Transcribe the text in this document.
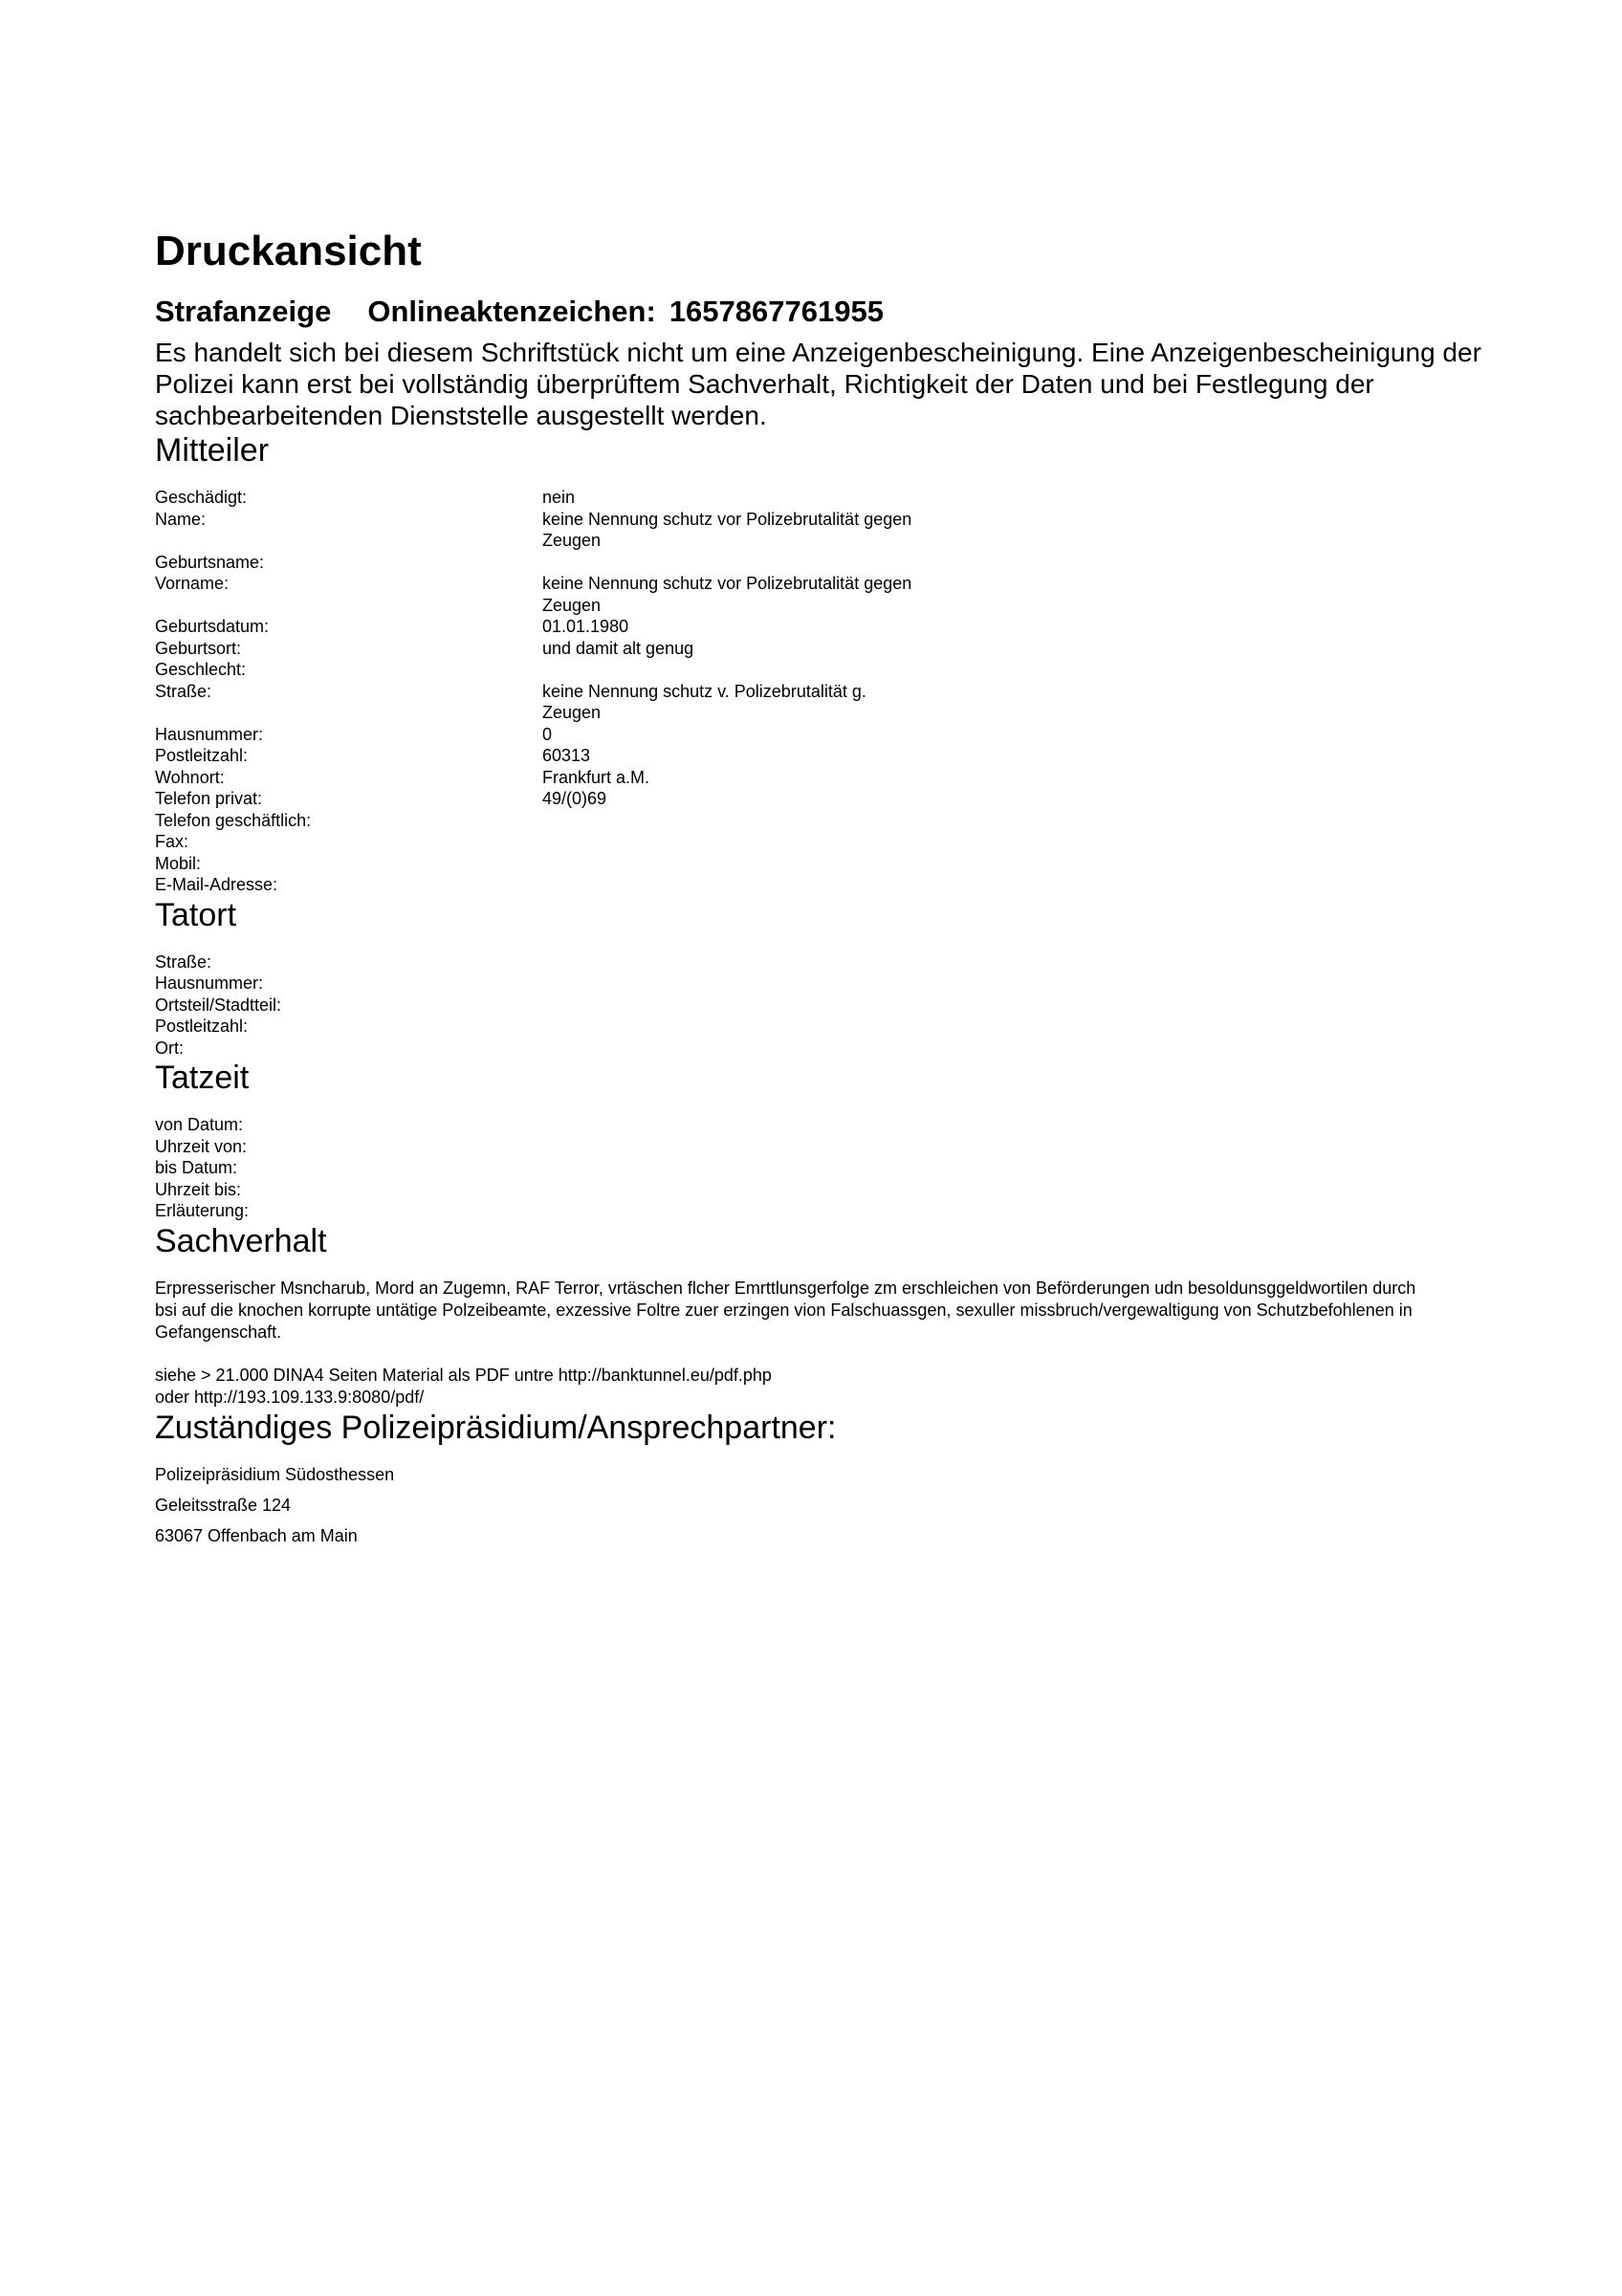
Druckansicht
Strafanzeige Onlineaktenzeichen: 1657867761955
Es handelt sich bei diesem Schriftstück nicht um eine Anzeigenbescheinigung. Eine Anzeigenbescheinigung der Polizei kann erst bei vollständig überprüftem Sachverhalt, Richtigkeit der Daten und bei Festlegung der sachbearbeitenden Dienststelle ausgestellt werden.
Mitteiler
Geschädigt:	nein
Name:	keine Nennung schutz vor Polizebrutalität gegen Zeugen
Geburtsname:
Vorname:	keine Nennung schutz vor Polizebrutalität gegen Zeugen
Geburtsdatum:	01.01.1980
Geburtsort:	und damit alt genug
Geschlecht:
Straße:	keine Nennung schutz v. Polizebrutalität g. Zeugen
Hausnummer:	0
Postleitzahl:	60313
Wohnort:	Frankfurt a.M.
Telefon privat:	49/(0)69
Telefon geschäftlich:
Fax:
Mobil:
E-Mail-Adresse:
Tatort
Straße:
Hausnummer:
Ortsteil/Stadtteil:
Postleitzahl:
Ort:
Tatzeit
von Datum:
Uhrzeit von:
bis Datum:
Uhrzeit bis:
Erläuterung:
Sachverhalt

Erpresserischer Msncharub, Mord an Zugemn, RAF Terror, vrtäschen flcher Emrttlunsgerfolge zm erschleichen von Beförderungen udn besoldunsggeldwortilen durch bsi auf die knochen korrupte untätige Polzeibeamte, exzessive Foltre zuer erzingen vion Falschuassgen, sexuller missbruch/vergewaltigung von Schutzbefohlenen in Gefangenschaft.

siehe > 21.000 DINA4 Seiten Material als PDF untre http://banktunnel.eu/pdf.php
oder http://193.109.133.9:8080/pdf/

Zuständiges Polizeipräsidium/Ansprechpartner:
Polizeipräsidium Südosthessen
Geleitsstraße 124
63067 Offenbach am Main
